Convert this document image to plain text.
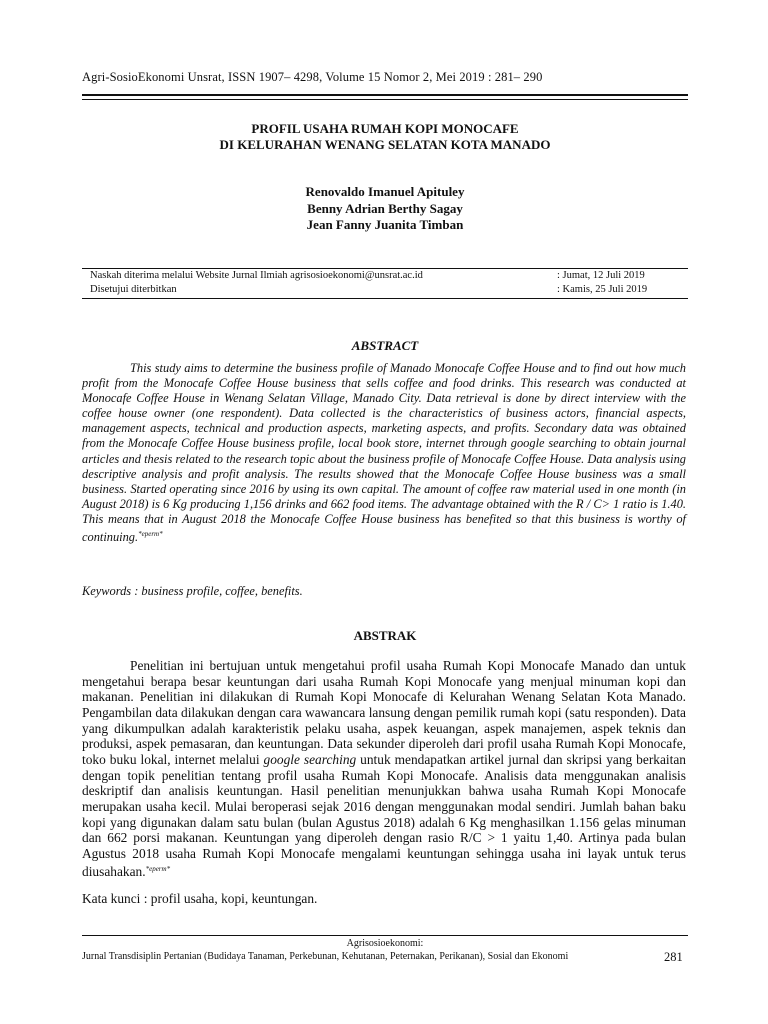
Agri-SosioEkonomi Unsrat, ISSN 1907– 4298, Volume 15 Nomor 2, Mei 2019 : 281– 290
PROFIL USAHA RUMAH KOPI MONOCAFE
DI KELURAHAN WENANG SELATAN KOTA MANADO
Renovaldo Imanuel Apituley
Benny Adrian Berthy Sagay
Jean Fanny Juanita Timban
Naskah diterima melalui Website Jurnal Ilmiah agrisosioekonomi@unsrat.ac.id	: Jumat, 12 Juli 2019
Disetujui diterbitkan	: Kamis, 25 Juli 2019
ABSTRACT

This study aims to determine the business profile of Manado Monocafe Coffee House and to find out how much profit from the Monocafe Coffee House business that sells coffee and food drinks. This research was conducted at Monocafe Coffee House in Wenang Selatan Village, Manado City. Data retrieval is done by direct interview with the coffee house owner (one respondent). Data collected is the characteristics of business actors, financial aspects, management aspects, technical and production aspects, marketing aspects, and profits. Secondary data was obtained from the Monocafe Coffee House business profile, local book store, internet through google searching to obtain journal articles and thesis related to the research topic about the business profile of Monocafe Coffee House. Data analysis using descriptive analysis and profit analysis. The results showed that the Monocafe Coffee House business was a small business. Started operating since 2016 by using its own capital. The amount of coffee raw material used in one month (in August 2018) is 6 Kg producing 1,156 drinks and 662 food items. The advantage obtained with the R / C> 1 ratio is 1.40. This means that in August 2018 the Monocafe Coffee House business has benefited so that this business is worthy of continuing.$^{*eperm*}$

Keywords : business profile, coffee, benefits.
ABSTRAK

Penelitian ini bertujuan untuk mengetahui profil usaha Rumah Kopi Monocafe Manado dan untuk mengetahui berapa besar keuntungan dari usaha Rumah Kopi Monocafe yang menjual minuman kopi dan makanan. Penelitian ini dilakukan di Rumah Kopi Monocafe di Kelurahan Wenang Selatan Kota Manado. Pengambilan data dilakukan dengan cara wawancara lansung dengan pemilik rumah kopi (satu responden). Data yang dikumpulkan adalah karakteristik pelaku usaha, aspek keuangan, aspek manajemen, aspek teknis dan produksi, aspek pemasaran, dan keuntungan. Data sekunder diperoleh dari profil usaha Rumah Kopi Monocafe, toko buku lokal, internet melalui google searching untuk mendapatkan artikel jurnal dan skripsi yang berkaitan dengan topik penelitian tentang profil usaha Rumah Kopi Monocafe. Analisis data menggunakan analisis deskriptif dan analisis keuntungan. Hasil penelitian menunjukkan bahwa usaha Rumah Kopi Monocafe merupakan usaha kecil. Mulai beroperasi sejak 2016 dengan menggunakan modal sendiri. Jumlah bahan baku kopi yang digunakan dalam satu bulan (bulan Agustus 2018) adalah 6 Kg menghasilkan 1.156 gelas minuman dan 662 porsi makanan. Keuntungan yang diperoleh dengan rasio R/C > 1 yaitu 1,40. Artinya pada bulan Agustus 2018 usaha Rumah Kopi Monocafe mengalami keuntungan sehingga usaha ini layak untuk terus diusahakan.$^{*eperm*}$

Kata kunci : profil usaha, kopi, keuntungan.
Agrisosioekonomi:
Jurnal Transdisiplin Pertanian (Budidaya Tanaman, Perkebunan, Kehutanan, Peternakan, Perikanan), Sosial dan Ekonomi	281
